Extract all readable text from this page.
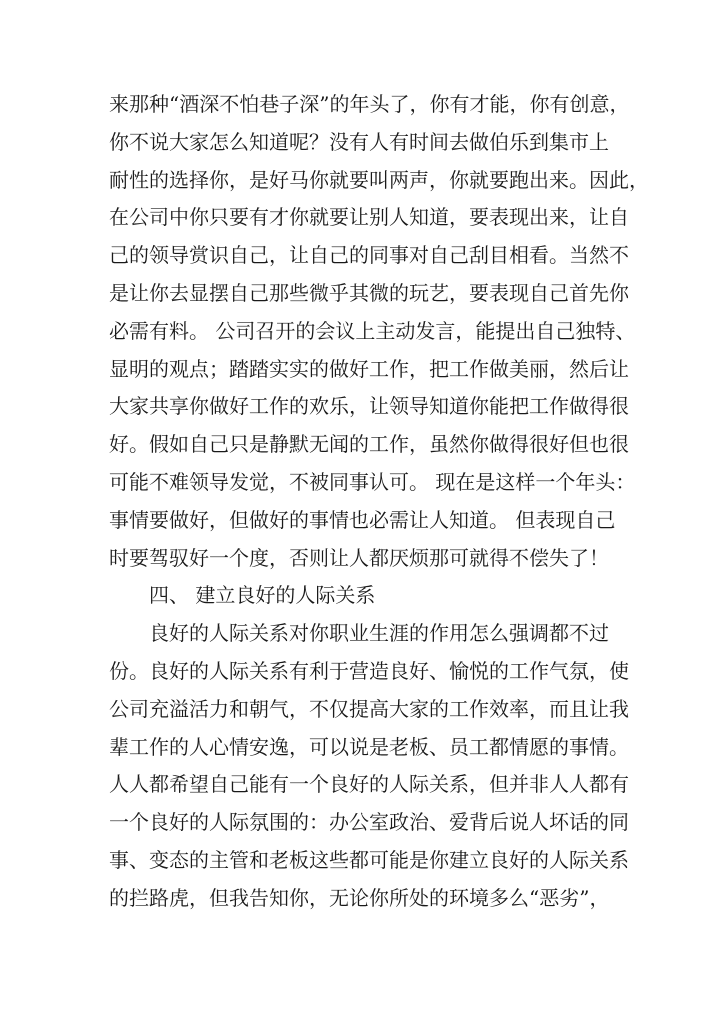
来那种“酒深不怕巷子深”的年头了，你有才能，你有创意，
你不说大家怎么知道呢？没有人有时间去做伯乐到集市上
耐性的选择你，是好马你就要叫两声，你就要跑出来。因此，
在公司中你只要有才你就要让别人知道，要表现出来，让自
己的领导赏识自己，让自己的同事对自己刮目相看。当然不
是让你去显摆自己那些微乎其微的玩艺，要表现自己首先你
必需有料。 公司召开的会议上主动发言，能提出自己独特、
显明的观点；踏踏实实的做好工作，把工作做美丽，然后让
大家共享你做好工作的欢乐，让领导知道你能把工作做得很
好。假如自己只是静默无闻的工作，虽然你做得很好但也很
可能不难领导发觉，不被同事认可。 现在是这样一个年头：
事情要做好，但做好的事情也必需让人知道。 但表现自己
时要驾驭好一个度，否则让人都厌烦那可就得不偿失了！
四、 建立良好的人际关系
良好的人际关系对你职业生涯的作用怎么强调都不过
份。良好的人际关系有利于营造良好、愉悦的工作气氛，使
公司充溢活力和朝气，不仅提高大家的工作效率，而且让我
辈工作的人心情安逸，可以说是老板、员工都情愿的事情。
人人都希望自己能有一个良好的人际关系，但并非人人都有
一个良好的人际氛围的：办公室政治、爱背后说人坏话的同
事、变态的主管和老板这些都可能是你建立良好的人际关系
的拦路虎，但我告知你，无论你所处的环境多么“恶劣”，
